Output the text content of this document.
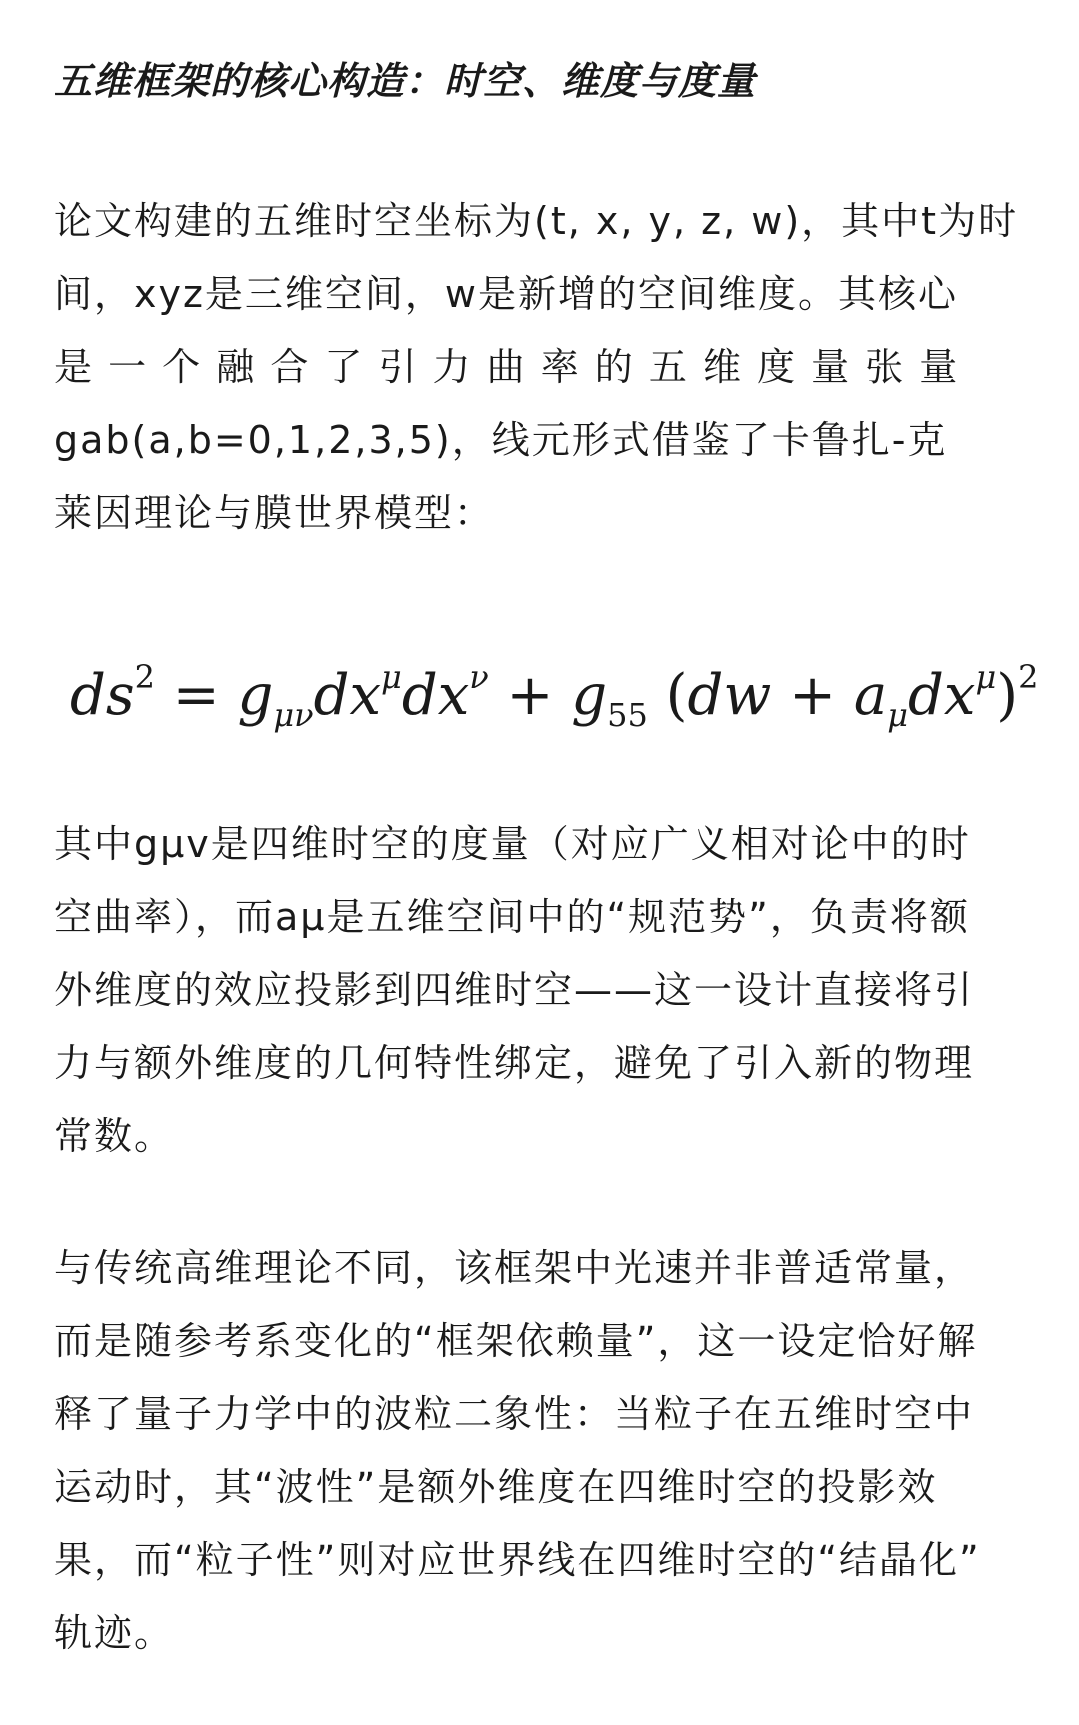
五维框架的核心构造：时空、维度与度量
论文构建的五维时空坐标为(t, x, y, z, w)，其中t为时
间，xyz是三维空间，w是新增的空间维度。其核心
是 一 个 融 合 了 引 力 曲 率 的 五 维 度 量 张 量
gab(a,b=0,1,2,3,5)，线元形式借鉴了卡鲁扎-克
莱因理论与膜世界模型：
$ds^2 = g_{\mu\nu}dx^\mu dx^\nu + g_{55}$ $(dw + a_\mu dx^\mu)^2$
其中gμv是四维时空的度量（对应广义相对论中的时
空曲率），而aμ是五维空间中的“规范势”，负责将额
外维度的效应投影到四维时空——这一设计直接将引
力与额外维度的几何特性绑定，避免了引入新的物理
常数。
与传统高维理论不同，该框架中光速并非普适常量，
而是随参考系变化的“框架依赖量”，这一设定恰好解
释了量子力学中的波粒二象性：当粒子在五维时空中
运动时，其“波性”是额外维度在四维时空的投影效
果，而“粒子性”则对应世界线在四维时空的“结晶化”
轨迹。
